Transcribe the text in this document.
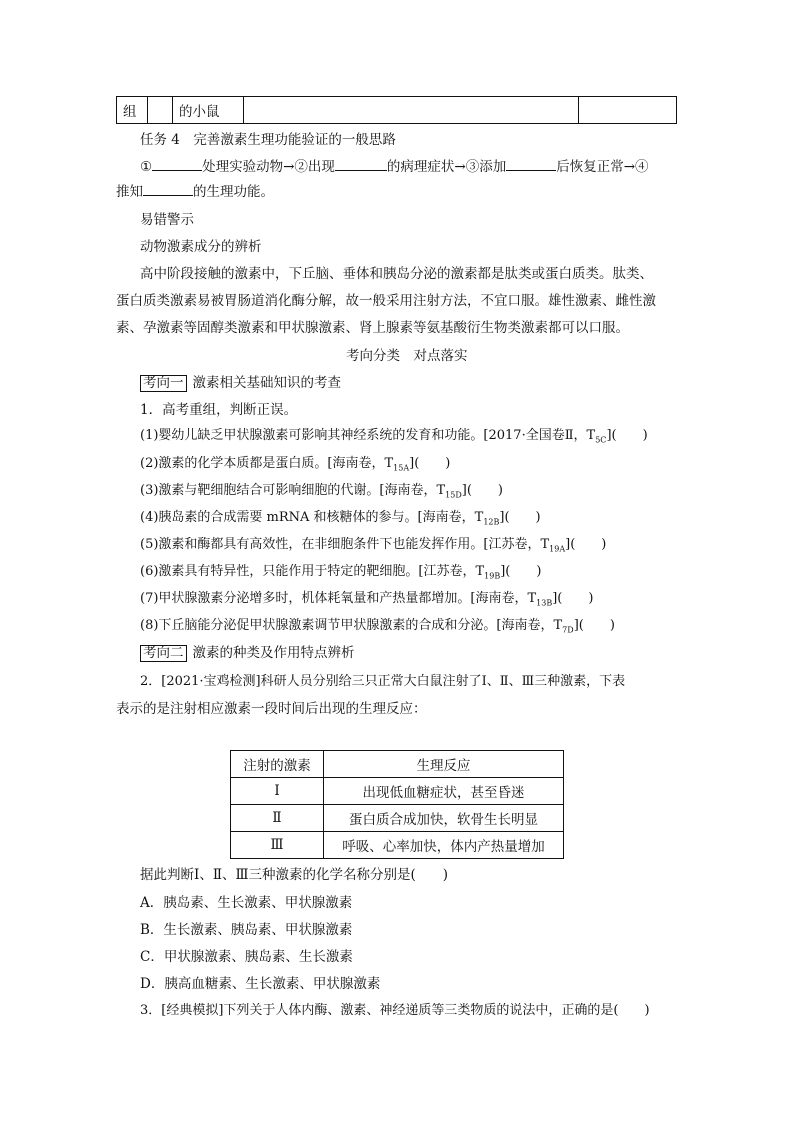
组		的小鼠		
任务 4　完善激素生理功能验证的一般思路
①	处理实验动物→②出现	的病理症状→③添加	后恢复正常→④
推知	的生理功能。
易错警示
动物激素成分的辨析
高中阶段接触的激素中，下丘脑、垂体和胰岛分泌的激素都是肽类或蛋白质类。肽类、
蛋白质类激素易被胃肠道消化酶分解，故一般采用注射方法，不宜口服。雄性激素、雌性激
素、孕激素等固醇类激素和甲状腺激素、肾上腺素等氨基酸衍生物类激素都可以口服。
考向分类　对点落实
考向一 激素相关基础知识的考查
1．高考重组，判断正误。
(1)婴幼儿缺乏甲状腺激素可影响其神经系统的发育和功能。[2017·全国卷Ⅱ，$T_{5C}$](　　)
(2)激素的化学本质都是蛋白质。[海南卷，$T_{15A}$](　　)
(3)激素与靶细胞结合可影响细胞的代谢。[海南卷，$T_{15D}$](　　)
(4)胰岛素的合成需要 mRNA 和核糖体的参与。[海南卷，$T_{12B}$](　　)
(5)激素和酶都具有高效性，在非细胞条件下也能发挥作用。[江苏卷，$T_{19A}$](　　)
(6)激素具有特异性，只能作用于特定的靶细胞。[江苏卷，$T_{19B}$](　　)
(7)甲状腺激素分泌增多时，机体耗氧量和产热量都增加。[海南卷，$T_{13B}$](　　)
(8)下丘脑能分泌促甲状腺激素调节甲状腺激素的合成和分泌。[海南卷，$T_{7D}$](　　)
考向二 激素的种类及作用特点辨析
2．[2021·宝鸡检测]科研人员分别给三只正常大白鼠注射了Ⅰ、Ⅱ、Ⅲ三种激素，下表
表示的是注射相应激素一段时间后出现的生理反应：
注射的激素	生理反应
Ⅰ	出现低血糖症状，甚至昏迷
Ⅱ	蛋白质合成加快，软骨生长明显
Ⅲ	呼吸、心率加快，体内产热量增加
据此判断Ⅰ、Ⅱ、Ⅲ三种激素的化学名称分别是(　　)
A．胰岛素、生长激素、甲状腺激素
B．生长激素、胰岛素、甲状腺激素
C．甲状腺激素、胰岛素、生长激素
D．胰高血糖素、生长激素、甲状腺激素
3．[经典模拟]下列关于人体内酶、激素、神经递质等三类物质的说法中，正确的是(　　)
